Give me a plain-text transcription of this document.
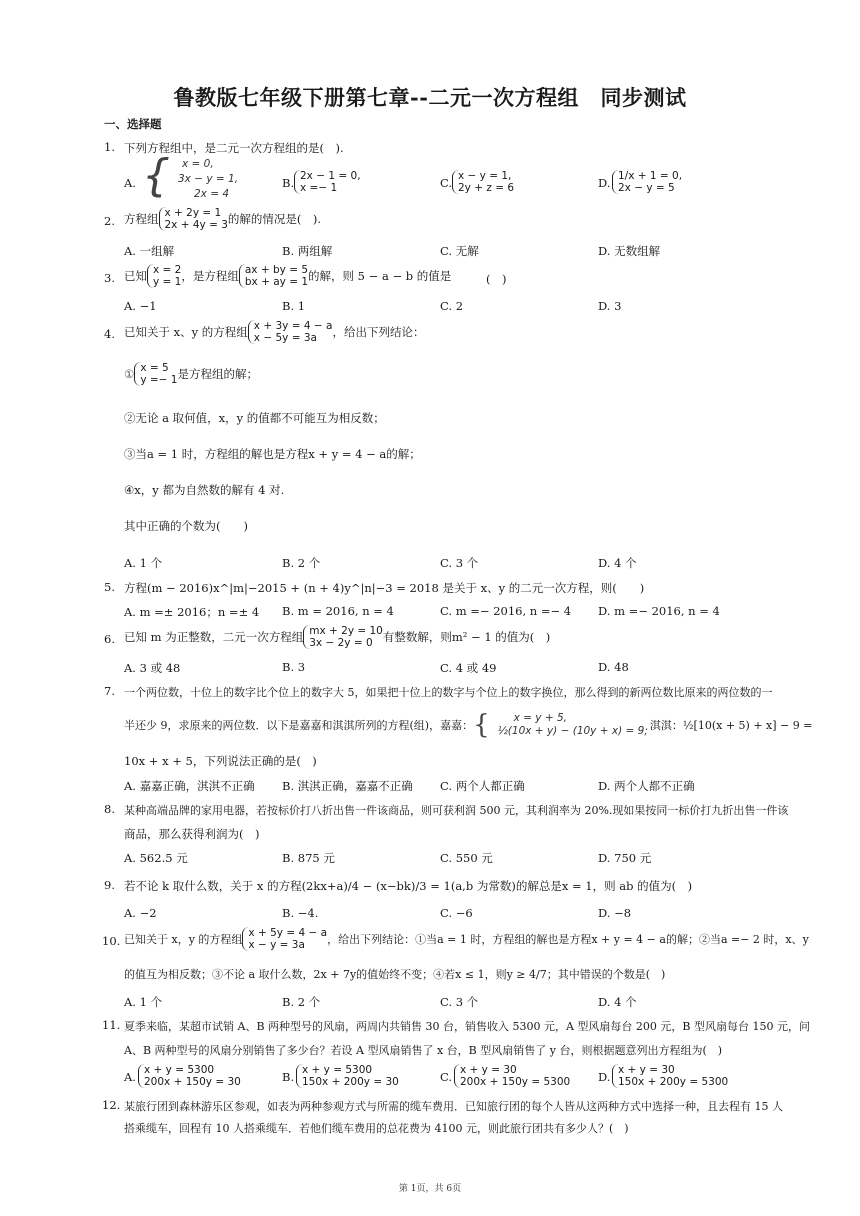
鲁教版七年级下册第七章--二元一次方程组　同步测试
一、选择题
1. 下列方程组中，是二元一次方程组的是(　).
A. { x = 0,
3x − y = 1,
2x = 4
B. 2x − 1 = 0,
x =− 1	C. x − y = 1,
2y + z = 6	D. 1/x + 1 = 0,
2x − y = 5
2. 方程组 x + 2y = 1
2x + 4y = 3 的解的情况是(　).
A. 一组解	B. 两组解	C. 无解	D. 无数组解
3. 已知 x = 2
y = 1 ，是方程组 ax + by = 5
bx + ay = 1 的解，则 5 − a − b 的值是	(　)
A. −1	B. 1	C. 2	D. 3
4. 已知关于 x、y 的方程组 x + 3y = 4 − a
x − 5y = 3a	，给出下列结论：
① x = 5
y =− 1 是方程组的解；
②无论 a 取何值，x，y 的值都不可能互为相反数；
③当a = 1 时，方程组的解也是方程x + y = 4 − a的解；
④x，y 都为自然数的解有 4 对.
其中正确的个数为(　　)
A. 1 个	B. 2 个	C. 3 个	D. 4 个
5. 方程(m − 2016)x^|m|−2015 + (n + 4)y^|n|−3 = 2018 是关于 x、y 的二元一次方程，则(　　)
A. m =± 2016；n =± 4 B. m = 2016, n = 4	C. m =− 2016, n =− 4 D. m =− 2016, n = 4
6. 已知 m 为正整数，二元一次方程组 mx + 2y = 10
3x − 2y = 0 有整数解，则m² − 1 的值为(　)
A. 3 或 48	B. 3	C. 4 或 49	D. 48
7. 一个两位数，十位上的数字比个位上的数字大 5，如果把十位上的数字与个位上的数字换位，那么得到的新两位数比原来的两位数的一
半还少 9，求原来的两位数．以下是嘉嘉和淇淇所列的方程(组)，嘉嘉：{	x = y + 5,
½(10x + y) − (10y + x) = 9; 淇淇：½[10(x + 5) + x] − 9 =
10x + x + 5，下列说法正确的是(　)
A. 嘉嘉正确，淇淇不正确 B. 淇淇正确，嘉嘉不正确 C. 两个人都正确	D. 两个人都不正确
8. 某种高端品牌的家用电器，若按标价打八折出售一件该商品，则可获利润 500 元，其利润率为 20%.现如果按同一标价打九折出售一件该
商品，那么获得利润为(　)
A. 562.5 元	B. 875 元	C. 550 元	D. 750 元
9. 若不论 k 取什么数，关于 x 的方程(2kx+a)/4 − (x−bk)/3 = 1(a,b 为常数)的解总是x = 1，则 ab 的值为(　)
A. −2	B. −4.	C. −6	D. −8
10. 已知关于 x，y 的方程组 x + 5y = 4 − a
x − y = 3a	，给出下列结论：①当a = 1 时，方程组的解也是方程x + y = 4 − a的解；②当a =− 2 时，x、y
的值互为相反数；③不论 a 取什么数，2x + 7y的值始终不变；④若x ≤ 1，则y ≥ 4/7；其中错误的个数是(　)
A. 1 个	B. 2 个	C. 3 个	D. 4 个
11. 夏季来临，某超市试销 A、B 两种型号的风扇，两周内共销售 30 台，销售收入 5300 元，A 型风扇每台 200 元，B 型风扇每台 150 元，问
A、B 两种型号的风扇分别销售了多少台？若设 A 型风扇销售了 x 台，B 型风扇销售了 y 台，则根据题意列出方程组为(　)
A. x + y = 5300
200x + 150y = 30	B. x + y = 5300
150x + 200y = 30	C. x + y = 30
200x + 150y = 5300 D. x + y = 30
150x + 200y = 5300
12. 某旅行团到森林游乐区参观，如表为两种参观方式与所需的缆车费用．已知旅行团的每个人皆从这两种方式中选择一种，且去程有 15 人
搭乘缆车，回程有 10 人搭乘缆车．若他们缆车费用的总花费为 4100 元，则此旅行团共有多少人？(　)
第 1页，共 6页
